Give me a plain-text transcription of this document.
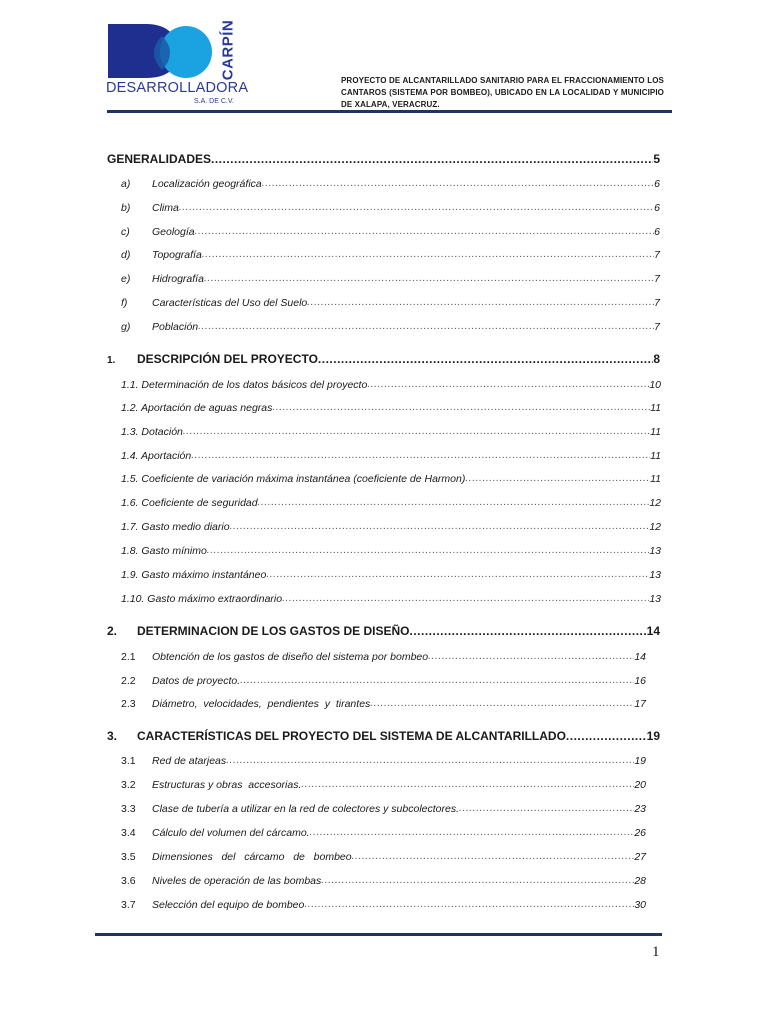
CARPÍN
DESARROLLADORA
S.A. DE C.V.
PROYECTO DE ALCANTARILLADO SANITARIO PARA EL FRACCIONAMIENTO LOS CANTAROS (SISTEMA POR BOMBEO), UBICADO EN LA LOCALIDAD Y MUNICIPIO DE XALAPA, VERACRUZ.
GENERALIDADES .....	5
a)	Localización geográfica .....	6
b)	Clima .....	6
c)	Geología .....	6
d)	Topografía .....	7
e)	Hidrografía .....	7
f)	Características del Uso del Suelo .....	7
g)	Población .....	7
1.	DESCRIPCIÓN DEL PROYECTO .....	8
1.1. Determinación de los datos básicos del proyecto .....	10
1.2. Aportación de aguas negras .....	11
1.3. Dotación .....	11
1.4. Aportación .....	11
1.5. Coeficiente de variación máxima instantánea (coeficiente de Harmon) .....	11
1.6. Coeficiente de seguridad .....	12
1.7. Gasto medio diario .....	12
1.8. Gasto mínimo .....	13
1.9. Gasto máximo instantáneo .....	13
1.10. Gasto máximo extraordinario .....	13
2.	DETERMINACION DE LOS GASTOS DE DISEÑO .....	14
2.1	Obtención de los gastos de diseño del sistema por bombeo .....	14
2.2	Datos de proyecto. .....	16
2.3	Diámetro,  velocidades,  pendientes  y  tirantes .....	17
3.	CARACTERÍSTICAS DEL PROYECTO DEL SISTEMA DE ALCANTARILLADO .....	19
3.1	Red de atarjeas .....	19
3.2	Estructuras y obras  accesorias. .....	20
3.3	Clase de tubería a utilizar en la red de colectores y subcolectores. .....	23
3.4	Cálculo del volumen del cárcamo. .....	26
3.5	Dimensiones   del   cárcamo   de   bombeo .....	27
3.6	Niveles de operación de las bombas .....	28
3.7	Selección del equipo de bombeo .....	30
1
